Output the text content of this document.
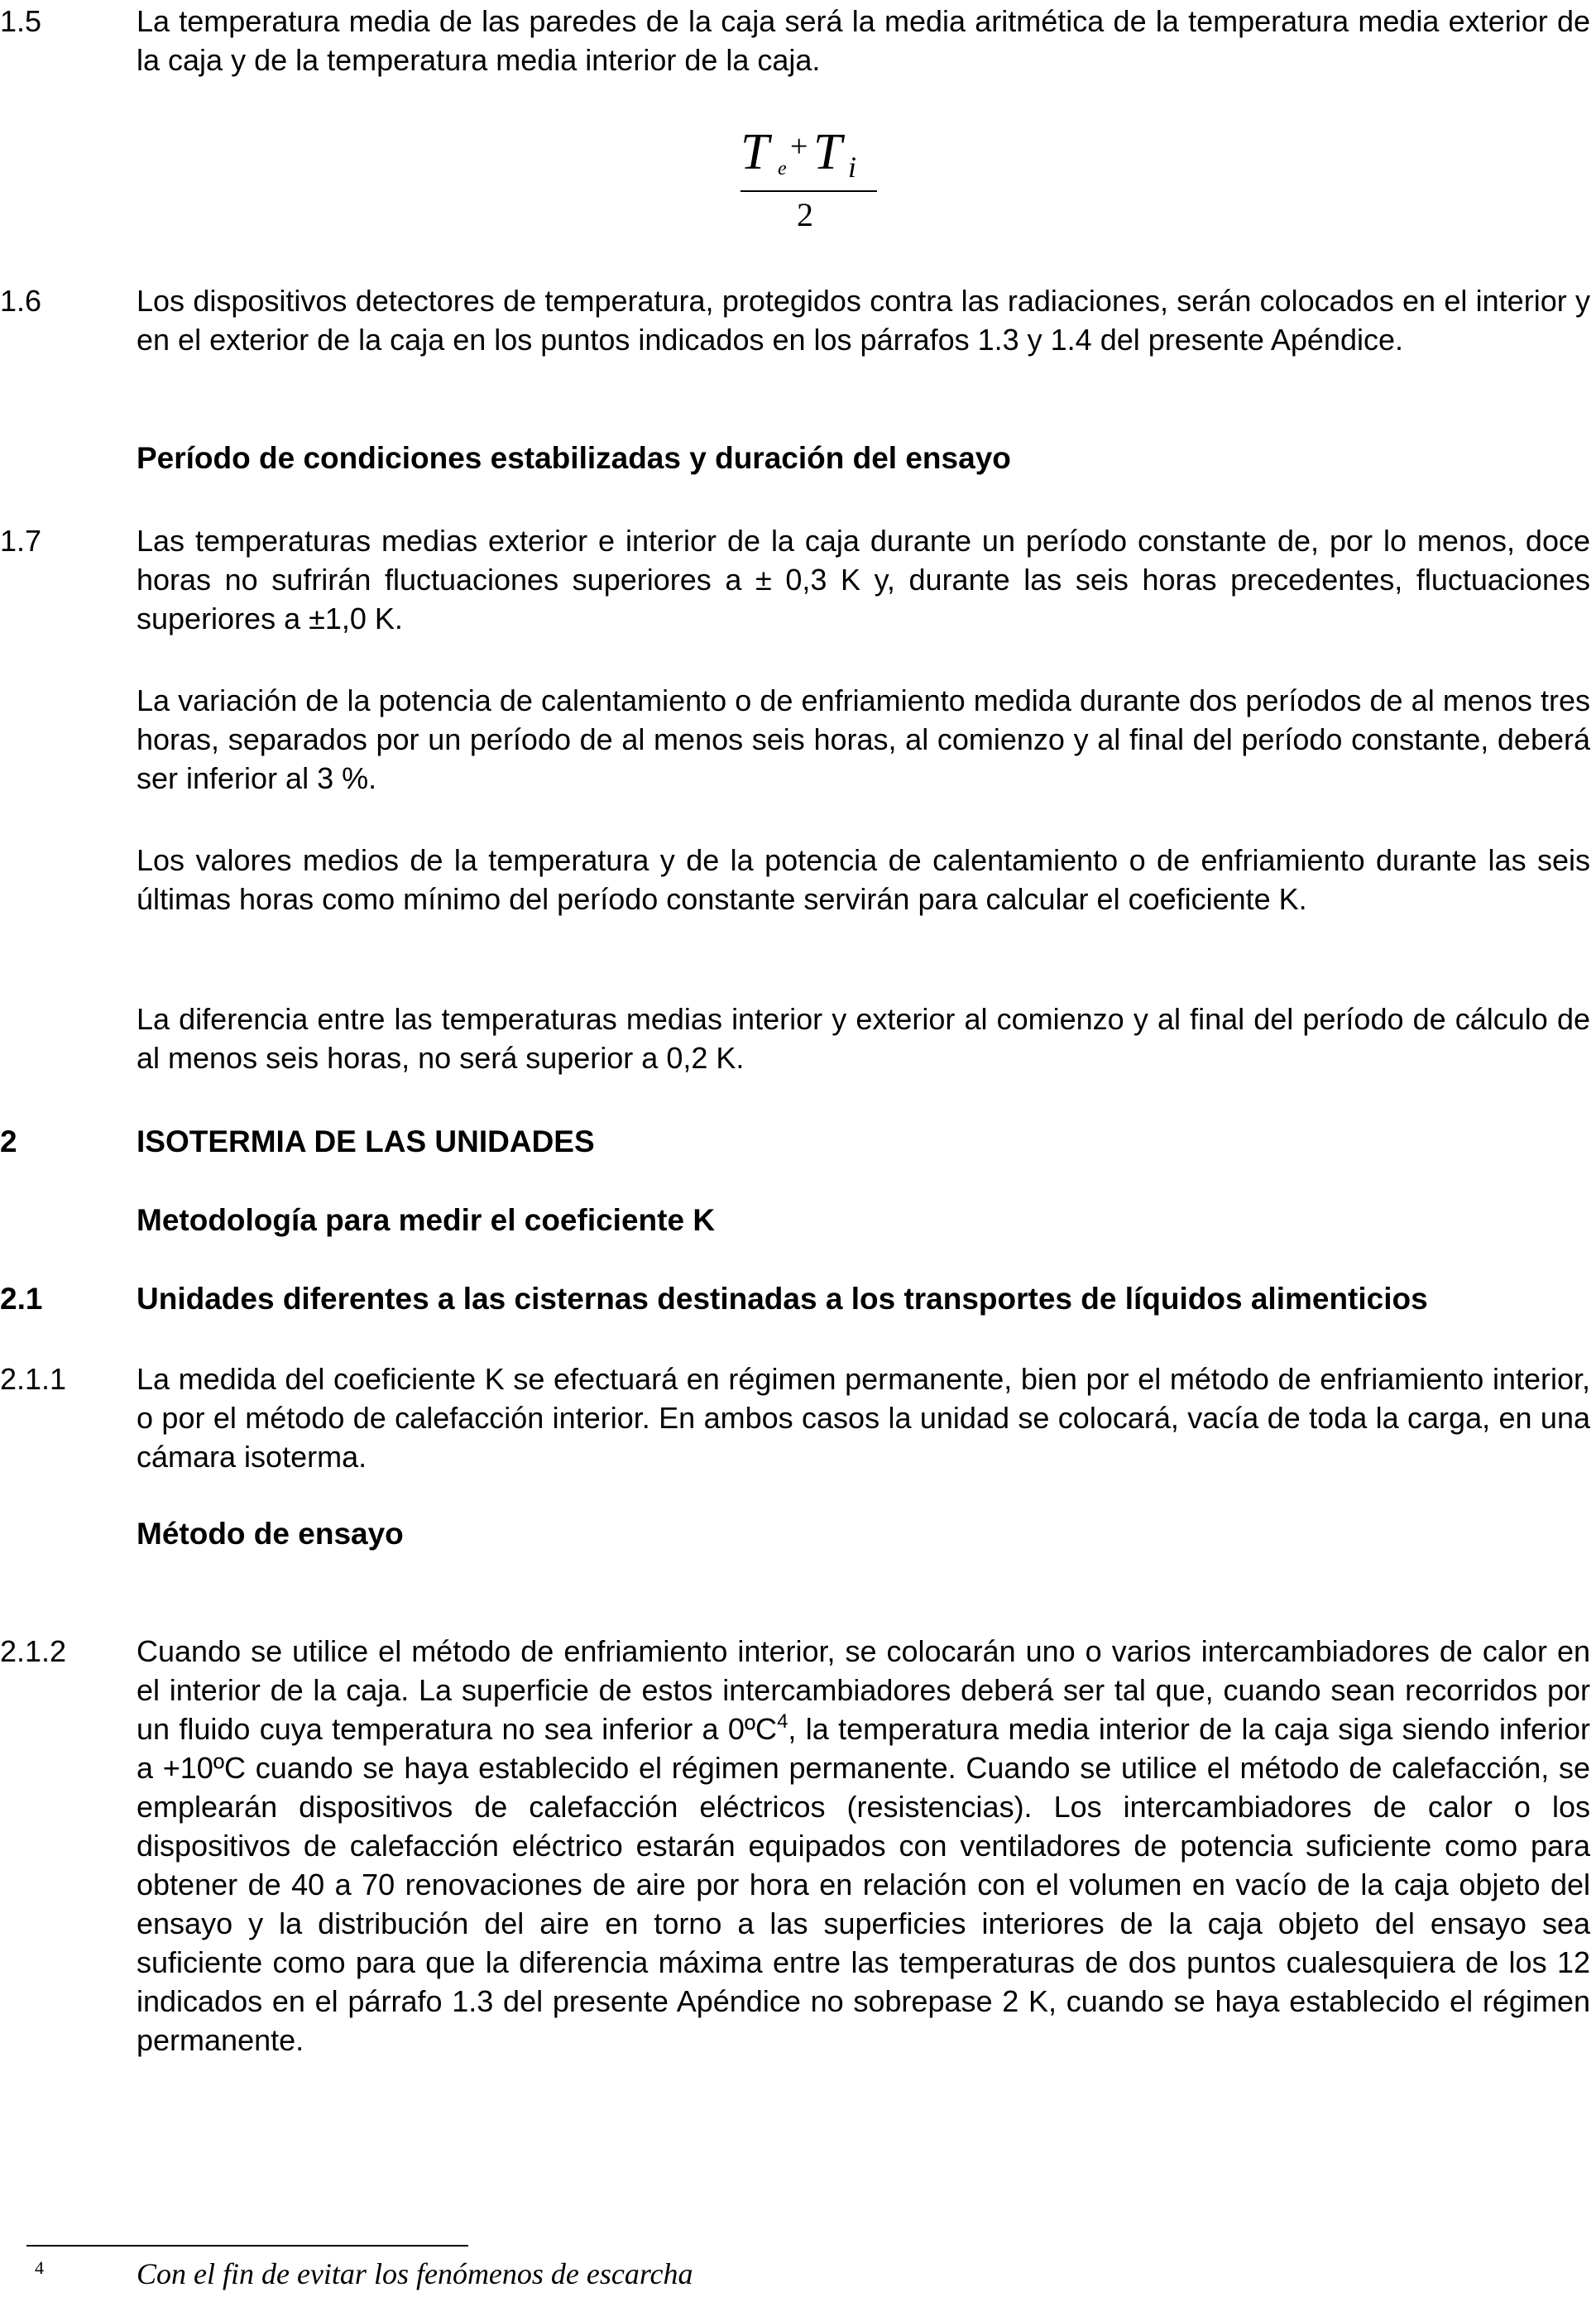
1.5	La temperatura media de las paredes de la caja será la media aritmética de la temperatura media exterior de la caja y de la temperatura media interior de la caja.

T e
+ T i
2
1.6	Los dispositivos detectores de temperatura, protegidos contra las radiaciones, serán colocados en el interior y en el exterior de la caja en los puntos indicados en los párrafos 1.3 y 1.4 del presente Apéndice.

Período de condiciones estabilizadas y duración del ensayo
1.7	Las temperaturas medias exterior e interior de la caja durante un período constante de, por lo menos, doce horas no sufrirán fluctuaciones superiores a ± 0,3 K y, durante las seis horas precedentes, fluctuaciones superiores a ±1,0 K.

La variación de la potencia de calentamiento o de enfriamiento medida durante dos períodos de al menos tres horas, separados por un período de al menos seis horas, al comienzo y al final del período constante, deberá ser inferior al 3 %.

Los valores medios de la temperatura y de la potencia de calentamiento o de enfriamiento durante las seis últimas horas como mínimo del período constante servirán para calcular el coeficiente K.

La diferencia entre las temperaturas medias interior y exterior al comienzo y al final del período de cálculo de al menos seis horas, no será superior a 0,2 K.

2	ISOTERMIA DE LAS UNIDADES
Metodología para medir el coeficiente K
2.1	Unidades diferentes a las cisternas destinadas a los transportes de líquidos alimenticios
2.1.1 La medida del coeficiente K se efectuará en régimen permanente, bien por el método de enfriamiento interior, o por el método de calefacción interior. En ambos casos la unidad se colocará, vacía de toda la carga, en una cámara isoterma.

Método de ensayo
2.1.2 Cuando se utilice el método de enfriamiento interior, se colocarán uno o varios intercambiadores de calor en el interior de la caja. La superficie de estos intercambiadores deberá ser tal que, cuando sean recorridos por un fluido cuya temperatura no sea inferior a 0ºC$^4$, la temperatura media interior de la caja siga siendo inferior a +10ºC cuando se haya establecido el régimen permanente. Cuando se utilice el método de calefacción, se emplearán dispositivos de calefacción eléctricos (resistencias). Los intercambiadores de calor o los dispositivos de calefacción eléctrico estarán equipados con ventiladores de potencia suficiente como para obtener de 40 a 70 renovaciones de aire por hora en relación con el volumen en vacío de la caja objeto del ensayo y la distribución del aire en torno a las superficies interiores de la caja objeto del ensayo sea suficiente como para que la diferencia máxima entre las temperaturas de dos puntos cualesquiera de los 12 indicados en el párrafo 1.3 del presente Apéndice no sobrepase 2 K, cuando se haya establecido el régimen permanente.

4	Con el fin de evitar los fenómenos de escarcha
